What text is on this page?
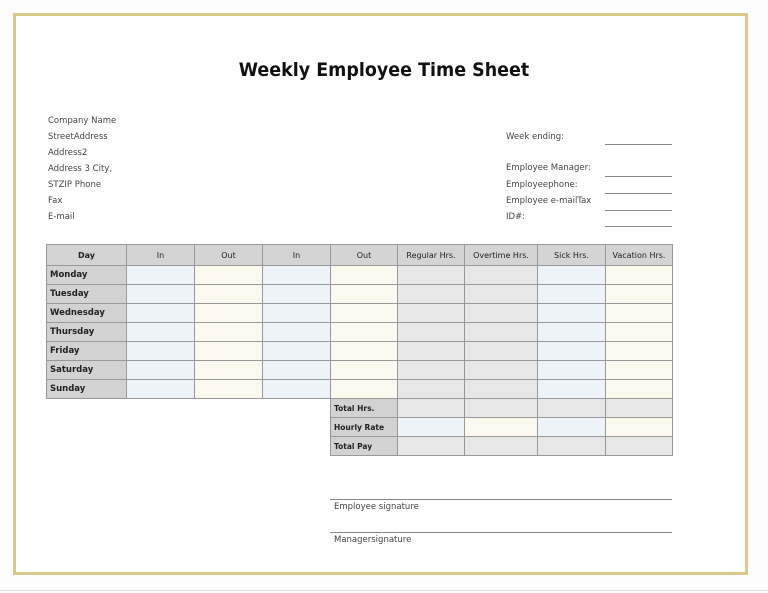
Weekly Employee Time Sheet
Company Name
StreetAddress
Address2
Address 3 City,
STZIP Phone
Fax
E-mail
Week ending:
Employee Manager:
Employeephone:
Employee e-mailTax
ID#:
Day	In	Out	In	Out	Regular Hrs.	Overtime Hrs.	Sick Hrs.	Vacation Hrs.
Monday								
Tuesday								
Wednesday								
Thursday								
Friday								
Saturday								
Sunday								
				Total Hrs.				
				Hourly Rate				
				Total Pay				
Employee signature
Managersignature
